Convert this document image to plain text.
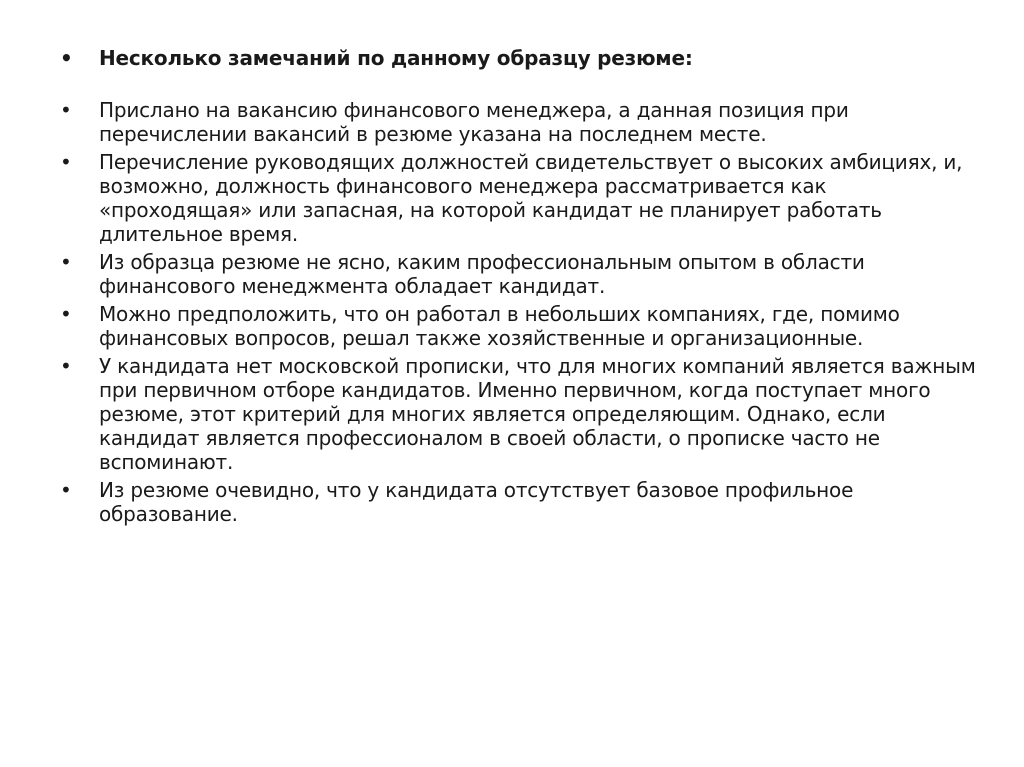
•	Несколько замечаний по данному образцу резюме:
•	Прислано на вакансию финансового менеджера, а данная позиция при перечислении вакансий в резюме указана на последнем месте.
•	Перечисление руководящих должностей свидетельствует о высоких амбициях, и, возможно, должность финансового менеджера рассматривается как «проходящая» или запасная, на которой кандидат не планирует работать длительное время.
•	Из образца резюме не ясно, каким профессиональным опытом в области финансового менеджмента обладает кандидат.
•	Можно предположить, что он работал в небольших компаниях, где, помимо финансовых вопросов, решал также хозяйственные и организационные.
•	У кандидата нет московской прописки, что для многих компаний является важным при первичном отборе кандидатов. Именно первичном, когда поступает много резюме, этот критерий для многих является определяющим. Однако, если кандидат является профессионалом в своей области, о прописке часто не вспоминают.
•	Из резюме очевидно, что у кандидата отсутствует базовое профильное образование.
